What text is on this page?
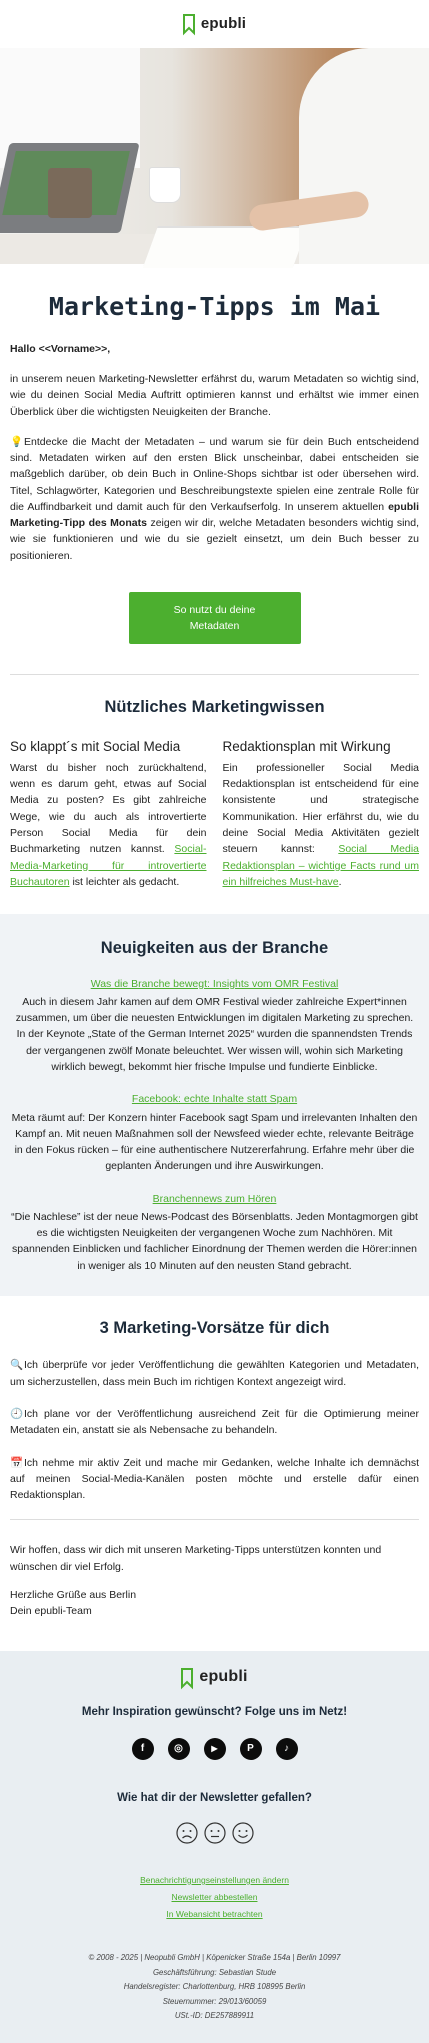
epubli
Marketing-Tipps im Mai

Hallo <<Vorname>>,

in unserem neuen Marketing-Newsletter erfährst du, warum Metadaten so wichtig sind, wie du deinen Social Media Auftritt optimieren kannst und erhältst wie immer einen Überblick über die wichtigsten Neuigkeiten der Branche.

💡Entdecke die Macht der Metadaten – und warum sie für dein Buch entscheidend sind. Metadaten wirken auf den ersten Blick unscheinbar, dabei entscheiden sie maßgeblich darüber, ob dein Buch in Online-Shops sichtbar ist oder übersehen wird. Titel, Schlagwörter, Kategorien und Beschreibungstexte spielen eine zentrale Rolle für die Auffindbarkeit und damit auch für den Verkaufserfolg. In unserem aktuellen epubli Marketing-Tipp des Monats zeigen wir dir, welche Metadaten besonders wichtig sind, wie sie funktionieren und wie du sie gezielt einsetzt, um dein Buch besser zu positionieren.

So nutzt du deine Metadaten
Nützliches Marketingwissen
So klappt´s mit Social Media

Warst du bisher noch zurückhaltend, wenn es darum geht, etwas auf Social Media zu posten? Es gibt zahlreiche Wege, wie du auch als introvertierte Person Social Media für dein Buchmarketing nutzen kannst. Social-Media-Marketing für introvertierte Buchautoren ist leichter als gedacht.

Redaktionsplan mit Wirkung

Ein professioneller Social Media Redaktionsplan ist entscheidend für eine konsistente und strategische Kommunikation. Hier erfährst du, wie du deine Social Media Aktivitäten gezielt steuern kannst: Social Media Redaktionsplan – wichtige Facts rund um ein hilfreiches Must-have.

Neuigkeiten aus der Branche
Was die Branche bewegt: Insights vom OMR Festival
Auch in diesem Jahr kamen auf dem OMR Festival wieder zahlreiche Expert*innen zusammen, um über die neuesten Entwicklungen im digitalen Marketing zu sprechen. In der Keynote „State of the German Internet 2025“ wurden die spannendsten Trends der vergangenen zwölf Monate beleuchtet. Wer wissen will, wohin sich Marketing wirklich bewegt, bekommt hier frische Impulse und fundierte Einblicke.
Facebook: echte Inhalte statt Spam
Meta räumt auf: Der Konzern hinter Facebook sagt Spam und irrelevanten Inhalten den Kampf an. Mit neuen Maßnahmen soll der Newsfeed wieder echte, relevante Beiträge in den Fokus rücken – für eine authentischere Nutzererfahrung. Erfahre mehr über die geplanten Änderungen und ihre Auswirkungen.
Branchennews zum Hören
“Die Nachlese” ist der neue News-Podcast des Börsenblatts. Jeden Montagmorgen gibt es die wichtigsten Neuigkeiten der vergangenen Woche zum Nachhören. Mit spannenden Einblicken und fachlicher Einordnung der Themen werden die Hörer:innen in weniger als 10 Minuten auf den neusten Stand gebracht.
3 Marketing-Vorsätze für dich

🔍Ich überprüfe vor jeder Veröffentlichung die gewählten Kategorien und Metadaten, um sicherzustellen, dass mein Buch im richtigen Kontext angezeigt wird.

🕘Ich plane vor der Veröffentlichung ausreichend Zeit für die Optimierung meiner Metadaten ein, anstatt sie als Nebensache zu behandeln.

📅Ich nehme mir aktiv Zeit und mache mir Gedanken, welche Inhalte ich demnächst auf meinen Social-Media-Kanälen posten möchte und erstelle dafür einen Redaktionsplan.

Wir hoffen, dass wir dich mit unseren Marketing-Tipps unterstützen konnten und wünschen dir viel Erfolg.

Herzliche Grüße aus Berlin

Dein epubli-Team

epubli
Mehr Inspiration gewünscht? Folge uns im Netz!
f	◎	▶	P	♪
Wie hat dir der Newsletter gefallen?
Benachrichtigungseinstellungen ändern
Newsletter abbestellen
In Webansicht betrachten
© 2008 - 2025 | Neopubli GmbH | Köpenicker Straße 154a | Berlin 10997
Geschäftsführung: Sebastian Stude
Handelsregister: Charlottenburg, HRB 108995 Berlin
Steuernummer: 29/013/60059
USt.-ID: DE257889911
